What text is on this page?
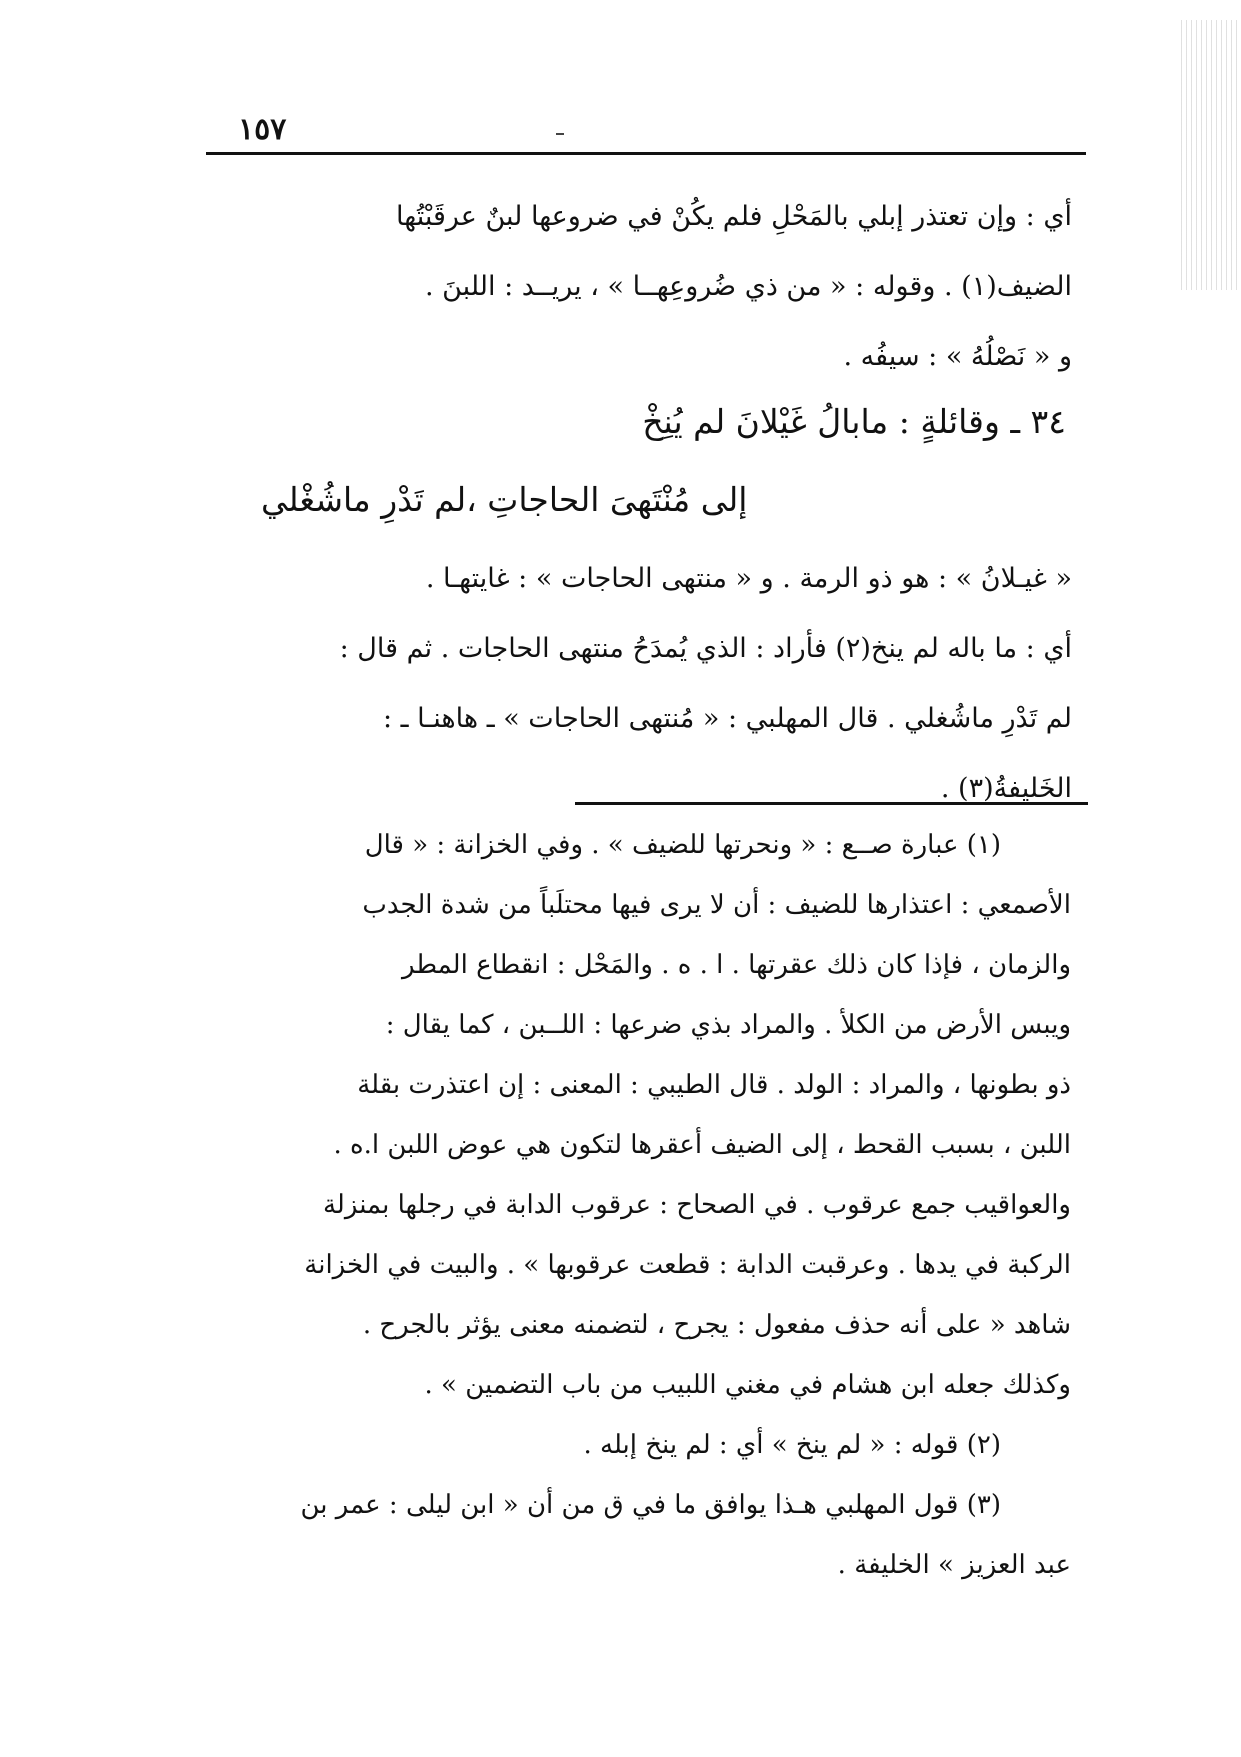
١٥٧

أي : وإن تعتذر إبلي بالمَحْلِ فلم يكُنْ في ضروعها لبنٌ عرقَبْتُها

الضيف(١) . وقوله : « من ذي ضُروعِهــا » ، يريــد : اللبنَ .

و « نَصْلُهُ » : سيفُه .

٣٤ ـ وقائلةٍ : مابالُ غَيْلانَ لم يُنِخْ
إلى مُنْتَهىَ الحاجاتِ ،لم تَدْرِ ماشُغْلي

« غيـلانُ » : هو ذو الرمة . و « منتهى الحاجات » : غايتهـا .

أي : ما باله لم ينخ(٢) فأراد : الذي يُمدَحُ منتهى الحاجات . ثم قال :

لم تَدْرِ ماشُغلي . قال المهلبي : « مُنتهى الحاجات » ـ هاهنـا ـ :

الخَليفةُ(٣) .

(١) عبارة صــع : « ونحرتها للضيف » . وفي الخزانة : « قال

الأصمعي : اعتذارها للضيف : أن لا يرى فيها محتلَباً من شدة الجدب

والزمان ، فإذا كان ذلك عقرتها . ا . ه . والمَحْل : انقطاع المطر

ويبس الأرض من الكلأ . والمراد بذي ضرعها : اللــبن ، كما يقال :

ذو بطونها ، والمراد : الولد . قال الطيبي : المعنى : إن اعتذرت بقلة

اللبن ، بسبب القحط ، إلى الضيف أعقرها لتكون هي عوض اللبن ا.ه .

والعواقيب جمع عرقوب . في الصحاح : عرقوب الدابة في رجلها بمنزلة

الركبة في يدها . وعرقبت الدابة : قطعت عرقوبها » . والبيت في الخزانة

شاهد « على أنه حذف مفعول : يجرح ، لتضمنه معنى يؤثر بالجرح .

وكذلك جعله ابن هشام في مغني اللبيب من باب التضمين » .

(٢) قوله : « لم ينخ » أي : لم ينخ إبله .

(٣) قول المهلبي هـذا يوافق ما في ق من أن « ابن ليلى : عمر بن

عبد العزيز » الخليفة .
